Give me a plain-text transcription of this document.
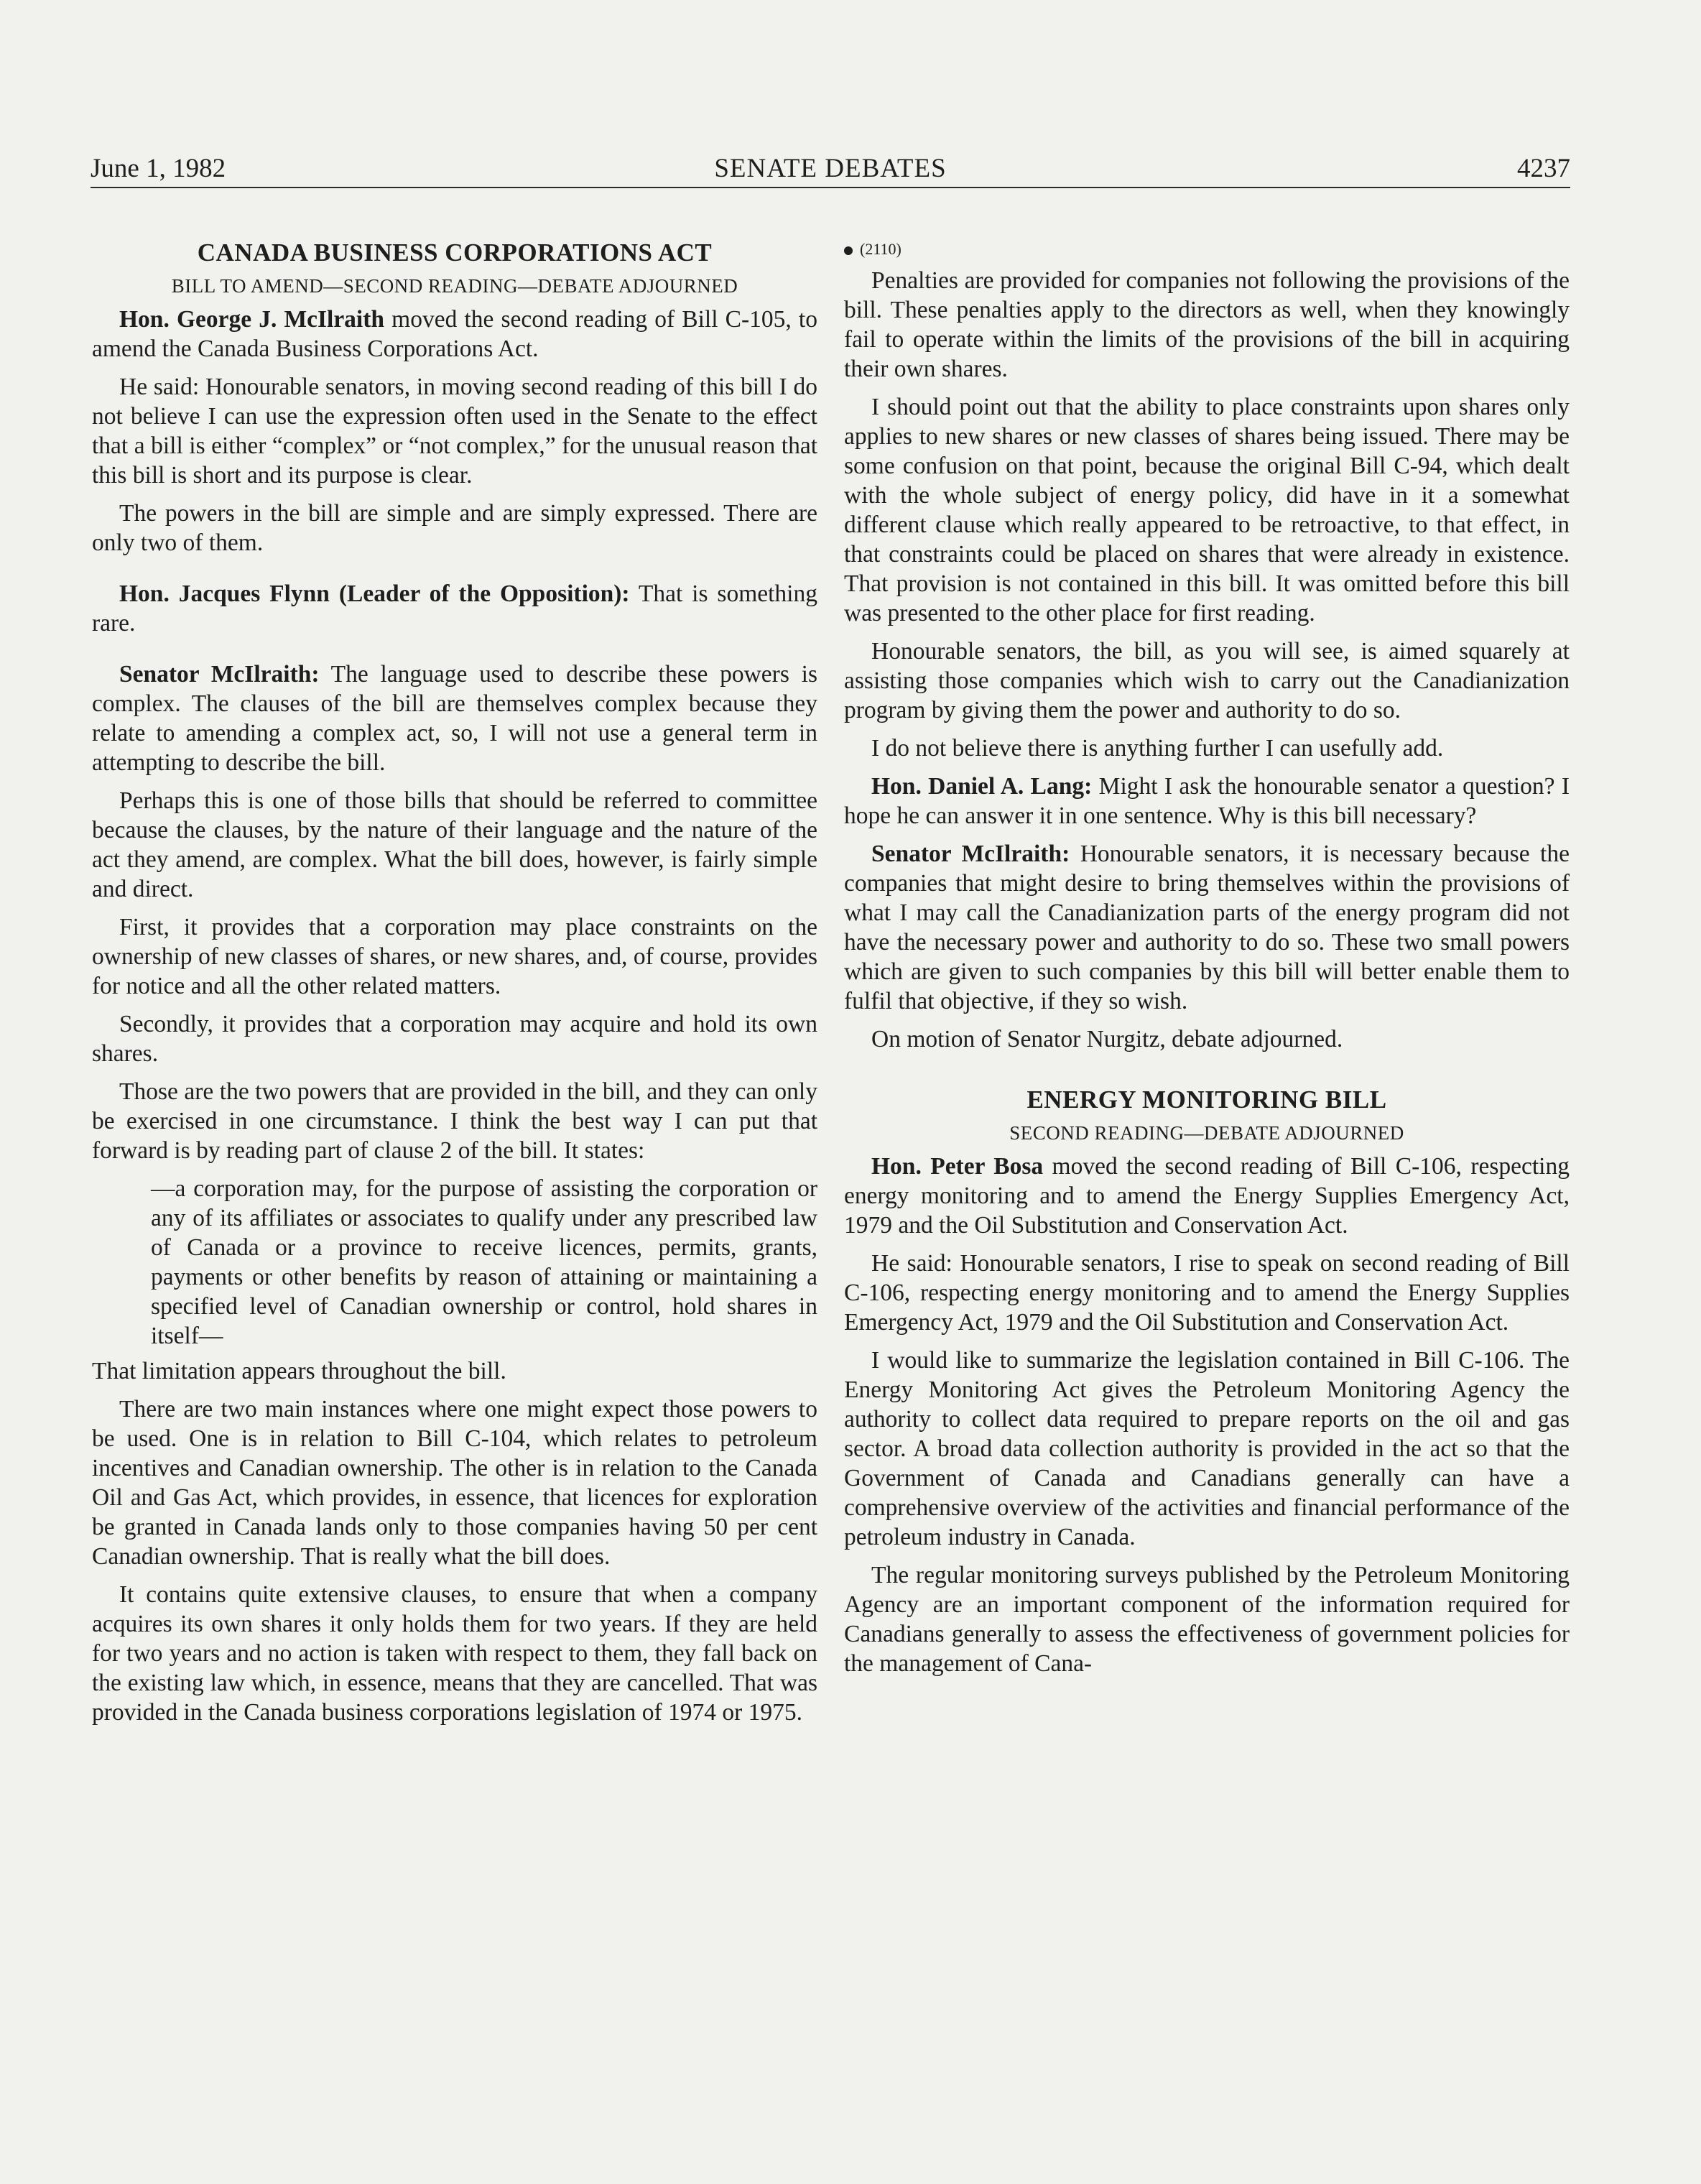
June 1, 1982	SENATE DEBATES	4237
CANADA BUSINESS CORPORATIONS ACT
BILL TO AMEND—SECOND READING—DEBATE ADJOURNED

Hon. George J. McIlraith moved the second reading of Bill C-105, to amend the Canada Business Corporations Act.

He said: Honourable senators, in moving second reading of this bill I do not believe I can use the expression often used in the Senate to the effect that a bill is either “complex” or “not complex,” for the unusual reason that this bill is short and its purpose is clear.

The powers in the bill are simple and are simply expressed. There are only two of them.

Hon. Jacques Flynn (Leader of the Opposition): That is something rare.

Senator McIlraith: The language used to describe these powers is complex. The clauses of the bill are themselves complex because they relate to amending a complex act, so, I will not use a general term in attempting to describe the bill.

Perhaps this is one of those bills that should be referred to committee because the clauses, by the nature of their language and the nature of the act they amend, are complex. What the bill does, however, is fairly simple and direct.

First, it provides that a corporation may place constraints on the ownership of new classes of shares, or new shares, and, of course, provides for notice and all the other related matters.

Secondly, it provides that a corporation may acquire and hold its own shares.

Those are the two powers that are provided in the bill, and they can only be exercised in one circumstance. I think the best way I can put that forward is by reading part of clause 2 of the bill. It states:

—a corporation may, for the purpose of assisting the corporation or any of its affiliates or associates to qualify under any prescribed law of Canada or a province to receive licences, permits, grants, payments or other benefits by reason of attaining or maintaining a specified level of Canadian ownership or control, hold shares in itself—

That limitation appears throughout the bill.

There are two main instances where one might expect those powers to be used. One is in relation to Bill C-104, which relates to petroleum incentives and Canadian ownership. The other is in relation to the Canada Oil and Gas Act, which provides, in essence, that licences for exploration be granted in Canada lands only to those companies having 50 per cent Canadian ownership. That is really what the bill does.

It contains quite extensive clauses, to ensure that when a company acquires its own shares it only holds them for two years. If they are held for two years and no action is taken with respect to them, they fall back on the existing law which, in essence, means that they are cancelled. That was provided in the Canada business corporations legislation of 1974 or 1975.

(2110)

Penalties are provided for companies not following the provisions of the bill. These penalties apply to the directors as well, when they knowingly fail to operate within the limits of the provisions of the bill in acquiring their own shares.

I should point out that the ability to place constraints upon shares only applies to new shares or new classes of shares being issued. There may be some confusion on that point, because the original Bill C-94, which dealt with the whole subject of energy policy, did have in it a somewhat different clause which really appeared to be retroactive, to that effect, in that constraints could be placed on shares that were already in existence. That provision is not contained in this bill. It was omitted before this bill was presented to the other place for first reading.

Honourable senators, the bill, as you will see, is aimed squarely at assisting those companies which wish to carry out the Canadianization program by giving them the power and authority to do so.

I do not believe there is anything further I can usefully add.

Hon. Daniel A. Lang: Might I ask the honourable senator a question? I hope he can answer it in one sentence. Why is this bill necessary?

Senator McIlraith: Honourable senators, it is necessary because the companies that might desire to bring themselves within the provisions of what I may call the Canadianization parts of the energy program did not have the necessary power and authority to do so. These two small powers which are given to such companies by this bill will better enable them to fulfil that objective, if they so wish.

On motion of Senator Nurgitz, debate adjourned.

ENERGY MONITORING BILL
SECOND READING—DEBATE ADJOURNED

Hon. Peter Bosa moved the second reading of Bill C-106, respecting energy monitoring and to amend the Energy Supplies Emergency Act, 1979 and the Oil Substitution and Conservation Act.

He said: Honourable senators, I rise to speak on second reading of Bill C-106, respecting energy monitoring and to amend the Energy Supplies Emergency Act, 1979 and the Oil Substitution and Conservation Act.

I would like to summarize the legislation contained in Bill C-106. The Energy Monitoring Act gives the Petroleum Monitoring Agency the authority to collect data required to prepare reports on the oil and gas sector. A broad data collection authority is provided in the act so that the Government of Canada and Canadians generally can have a comprehensive overview of the activities and financial performance of the petroleum industry in Canada.

The regular monitoring surveys published by the Petroleum Monitoring Agency are an important component of the information required for Canadians generally to assess the effectiveness of government policies for the management of Cana-
